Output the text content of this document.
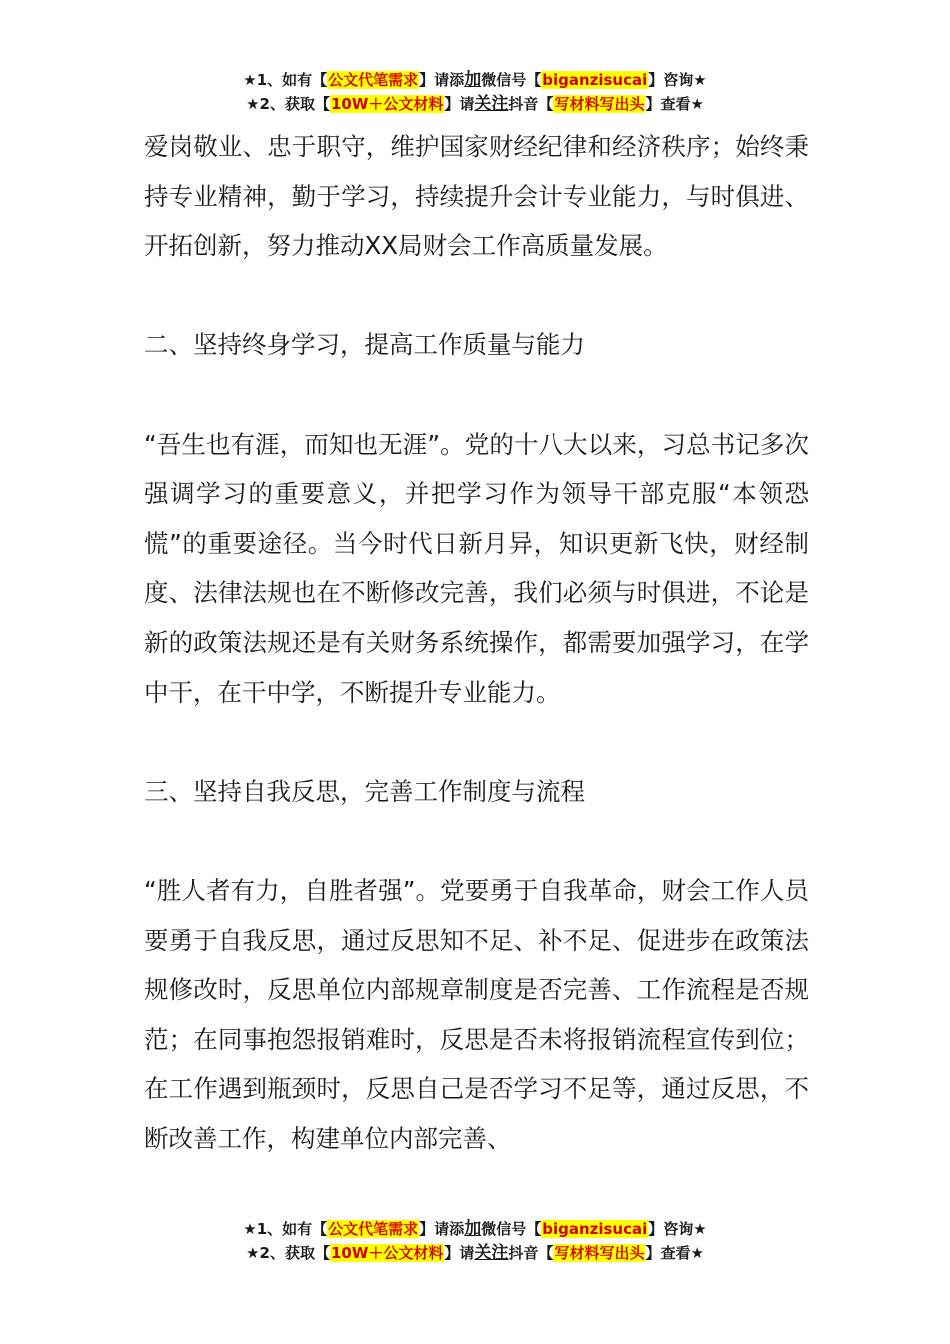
★1、如有【公文代笔需求】请添加微信号【biganzisucai】咨询★
★2、获取【10W＋公文材料】请关注抖音【写材料写出头】查看★

爱岗敬业、忠于职守，维护国家财经纪律和经济秩序；始终秉持专业精神，勤于学习，持续提升会计专业能力，与时俱进、开拓创新，努力推动XX局财会工作高质量发展。

二、坚持终身学习，提高工作质量与能力

“吾生也有涯，而知也无涯”。党的十八大以来，习总书记多次强调学习的重要意义，并把学习作为领导干部克服“本领恐慌”的重要途径。当今时代日新月异，知识更新飞快，财经制度、法律法规也在不断修改完善，我们必须与时俱进，不论是新的政策法规还是有关财务系统操作，都需要加强学习，在学中干，在干中学，不断提升专业能力。

三、坚持自我反思，完善工作制度与流程

“胜人者有力，自胜者强”。党要勇于自我革命，财会工作人员要勇于自我反思，通过反思知不足、补不足、促进步在政策法规修改时，反思单位内部规章制度是否完善、工作流程是否规范；在同事抱怨报销难时，反思是否未将报销流程宣传到位；在工作遇到瓶颈时，反思自己是否学习不足等，通过反思，不断改善工作，构建单位内部完善、

★1、如有【公文代笔需求】请添加微信号【biganzisucai】咨询★
★2、获取【10W＋公文材料】请关注抖音【写材料写出头】查看★
